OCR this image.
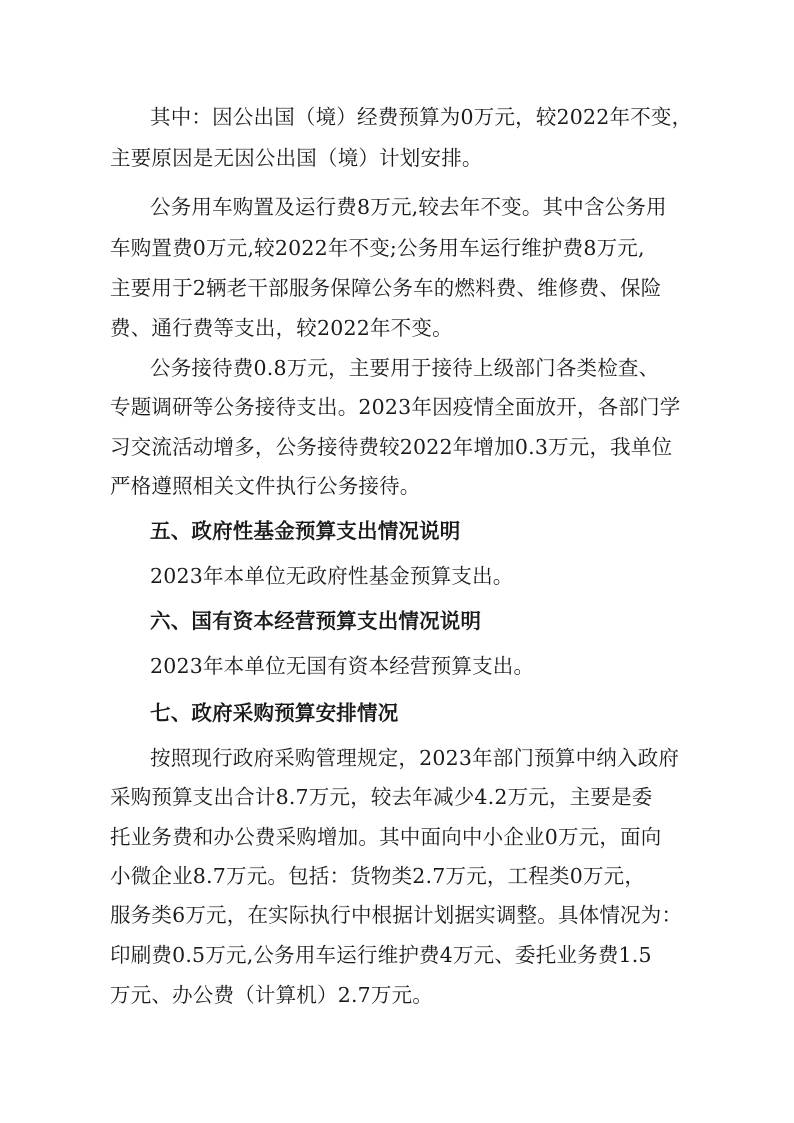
其中：因公出国（境）经费预算为0万元，较2022年不变，
主要原因是无因公出国（境）计划安排。
公务用车购置及运行费8万元,较去年不变。其中含公务用
车购置费0万元,较2022年不变;公务用车运行维护费8万元,
主要用于2辆老干部服务保障公务车的燃料费、维修费、保险
费、通行费等支出，较2022年不变。
公务接待费0.8万元，主要用于接待上级部门各类检查、
专题调研等公务接待支出。2023年因疫情全面放开，各部门学
习交流活动增多，公务接待费较2022年增加0.3万元，我单位
严格遵照相关文件执行公务接待。
五、政府性基金预算支出情况说明
2023年本单位无政府性基金预算支出。
六、国有资本经营预算支出情况说明
2023年本单位无国有资本经营预算支出。
七、政府采购预算安排情况
按照现行政府采购管理规定，2023年部门预算中纳入政府
采购预算支出合计8.7万元，较去年减少4.2万元，主要是委
托业务费和办公费采购增加。其中面向中小企业0万元，面向
小微企业8.7万元。包括：货物类2.7万元，工程类0万元，
服务类6万元，在实际执行中根据计划据实调整。具体情况为：
印刷费0.5万元,公务用车运行维护费4万元、委托业务费1.5
万元、办公费（计算机）2.7万元。
